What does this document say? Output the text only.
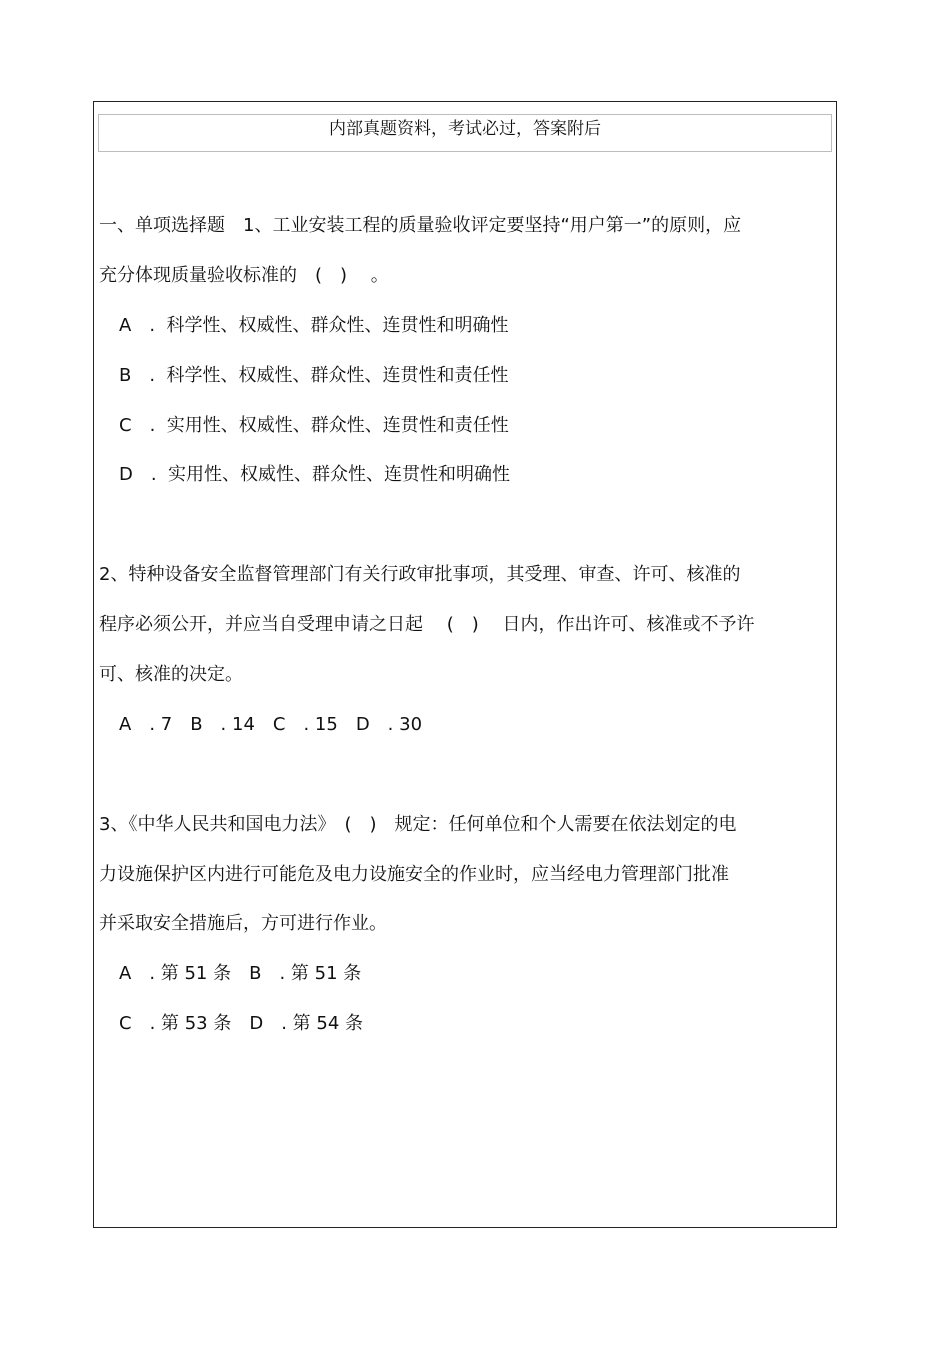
内部真题资料，考试必过，答案附后
一、单项选择题　 1、工业安装工程的质量验收评定要坚持“用户第一”的原则，应
充分体现质量验收标准的　(　)　 。
A　.  科学性、权威性、群众性、连贯性和明确性
B　.  科学性、权威性、群众性、连贯性和责任性
C　.  实用性、权威性、群众性、连贯性和责任性
D　.  实用性、权威性、群众性、连贯性和明确性
2、特种设备安全监督管理部门有关行政审批事项，其受理、审查、许可、核准的
程序必须公开，并应当自受理申请之日起　 (　)　 日内，作出许可、核准或不予许
可、核准的决定。
A　. 7　B　. 14　C　. 15　D　. 30
3、《中华人民共和国电力法》　(　)　规定：任何单位和个人需要在依法划定的电
力设施保护区内进行可能危及电力设施安全的作业时，应当经电力管理部门批准
并采取安全措施后，方可进行作业。
A　. 第 51 条　B　. 第 51 条
C　. 第 53 条　D　. 第 54 条
